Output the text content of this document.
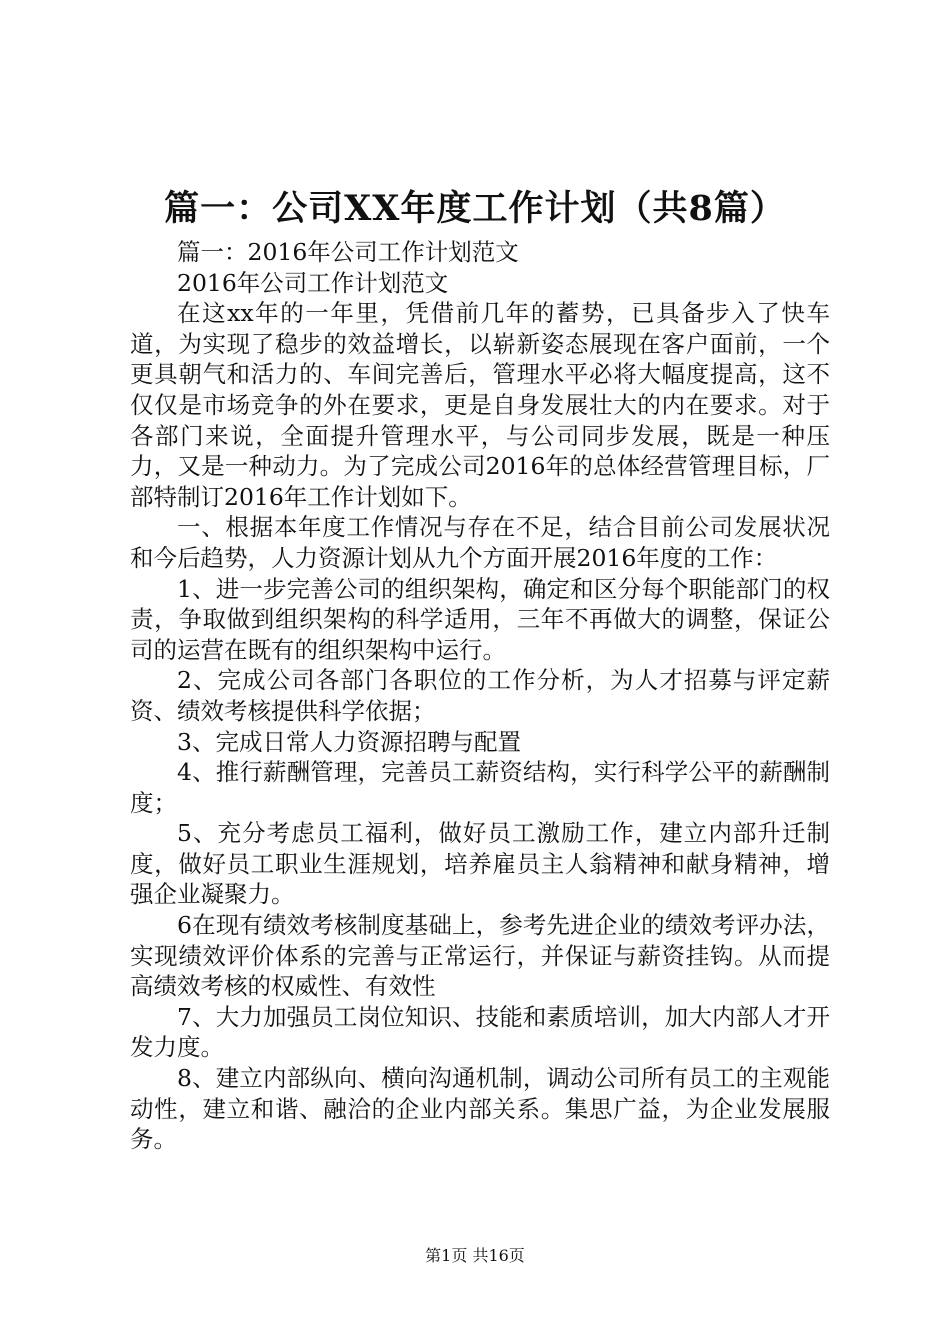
篇一：公司XX年度工作计划（共8篇）

篇一：2016年公司工作计划范文

2016年公司工作计划范文

在这xx年的一年里，凭借前几年的蓄势，已具备步入了快车道，为实现了稳步的效益增长，以崭新姿态展现在客户面前，一个更具朝气和活力的、车间完善后，管理水平必将大幅度提高，这不仅仅是市场竞争的外在要求，更是自身发展壮大的内在要求。对于各部门来说，全面提升管理水平，与公司同步发展，既是一种压力，又是一种动力。为了完成公司2016年的总体经营管理目标，厂部特制订2016年工作计划如下。

一、根据本年度工作情况与存在不足，结合目前公司发展状况和今后趋势，人力资源计划从九个方面开展2016年度的工作：

1、进一步完善公司的组织架构，确定和区分每个职能部门的权责，争取做到组织架构的科学适用，三年不再做大的调整，保证公司的运营在既有的组织架构中运行。

2、完成公司各部门各职位的工作分析，为人才招募与评定薪资、绩效考核提供科学依据；

3、完成日常人力资源招聘与配置

4、推行薪酬管理，完善员工薪资结构，实行科学公平的薪酬制度；

5、充分考虑员工福利，做好员工激励工作，建立内部升迁制度，做好员工职业生涯规划，培养雇员主人翁精神和献身精神，增强企业凝聚力。

6在现有绩效考核制度基础上，参考先进企业的绩效考评办法，实现绩效评价体系的完善与正常运行，并保证与薪资挂钩。从而提高绩效考核的权威性、有效性

7、大力加强员工岗位知识、技能和素质培训，加大内部人才开发力度。

8、建立内部纵向、横向沟通机制，调动公司所有员工的主观能动性，建立和谐、融洽的企业内部关系。集思广益，为企业发展服务。

第1页 共16页
